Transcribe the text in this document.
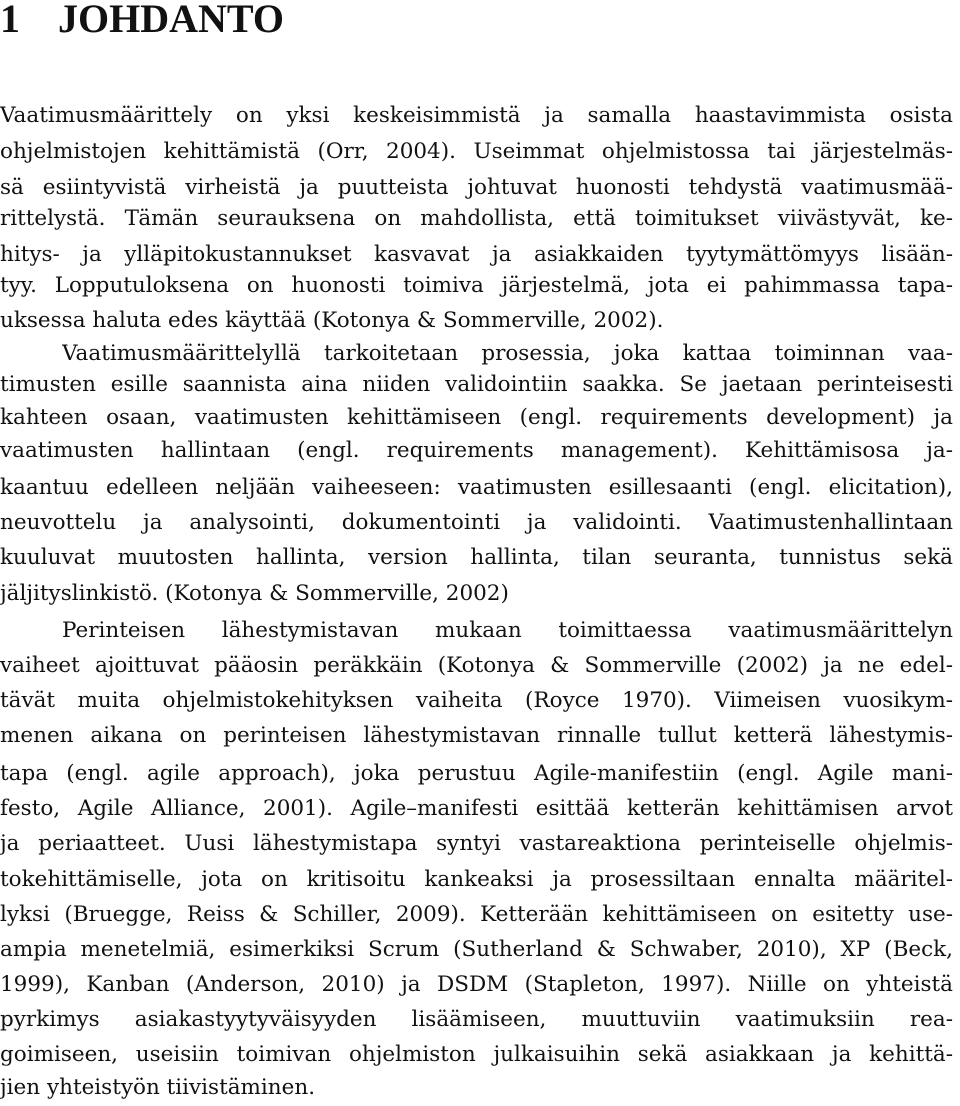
1 JOHDANTO
Vaatimusmäärittely on yksi keskeisimmistä ja samalla haastavimmista osista
ohjelmistojen kehittämistä (Orr, 2004). Useimmat ohjelmistossa tai järjestelmäs-
sä esiintyvistä virheistä ja puutteista johtuvat huonosti tehdystä vaatimusmää-
rittelystä. Tämän seurauksena on mahdollista, että toimitukset viivästyvät, ke-
hitys- ja ylläpitokustannukset kasvavat ja asiakkaiden tyytymättömyys lisään-
tyy. Lopputuloksena on huonosti toimiva järjestelmä, jota ei pahimmassa tapa-
uksessa haluta edes käyttää (Kotonya & Sommerville, 2002).
Vaatimusmäärittelyllä tarkoitetaan prosessia, joka kattaa toiminnan vaa-
timusten esille saannista aina niiden validointiin saakka. Se jaetaan perinteisesti
kahteen osaan, vaatimusten kehittämiseen (engl. requirements development) ja
vaatimusten hallintaan (engl. requirements management). Kehittämisosa ja-
kaantuu edelleen neljään vaiheeseen: vaatimusten esillesaanti (engl. elicitation),
neuvottelu ja analysointi, dokumentointi ja validointi. Vaatimustenhallintaan
kuuluvat muutosten hallinta, version hallinta, tilan seuranta, tunnistus sekä
jäljityslinkistö. (Kotonya & Sommerville, 2002)
Perinteisen lähestymistavan mukaan toimittaessa vaatimusmäärittelyn
vaiheet ajoittuvat pääosin peräkkäin (Kotonya & Sommerville (2002) ja ne edel-
tävät muita ohjelmistokehityksen vaiheita (Royce 1970). Viimeisen vuosikym-
menen aikana on perinteisen lähestymistavan rinnalle tullut ketterä lähestymis-
tapa (engl. agile approach), joka perustuu Agile-manifestiin (engl. Agile mani-
festo, Agile Alliance, 2001). Agile–manifesti esittää ketterän kehittämisen arvot
ja periaatteet. Uusi lähestymistapa syntyi vastareaktiona perinteiselle ohjelmis-
tokehittämiselle, jota on kritisoitu kankeaksi ja prosessiltaan ennalta määritel-
lyksi (Bruegge, Reiss & Schiller, 2009). Ketterään kehittämiseen on esitetty use-
ampia menetelmiä, esimerkiksi Scrum (Sutherland & Schwaber, 2010), XP (Beck,
1999), Kanban (Anderson, 2010) ja DSDM (Stapleton, 1997). Niille on yhteistä
pyrkimys asiakastyytyväisyyden lisäämiseen, muuttuviin vaatimuksiin rea-
goimiseen, useisiin toimivan ohjelmiston julkaisuihin sekä asiakkaan ja kehittä-
jien yhteistyön tiivistäminen.
